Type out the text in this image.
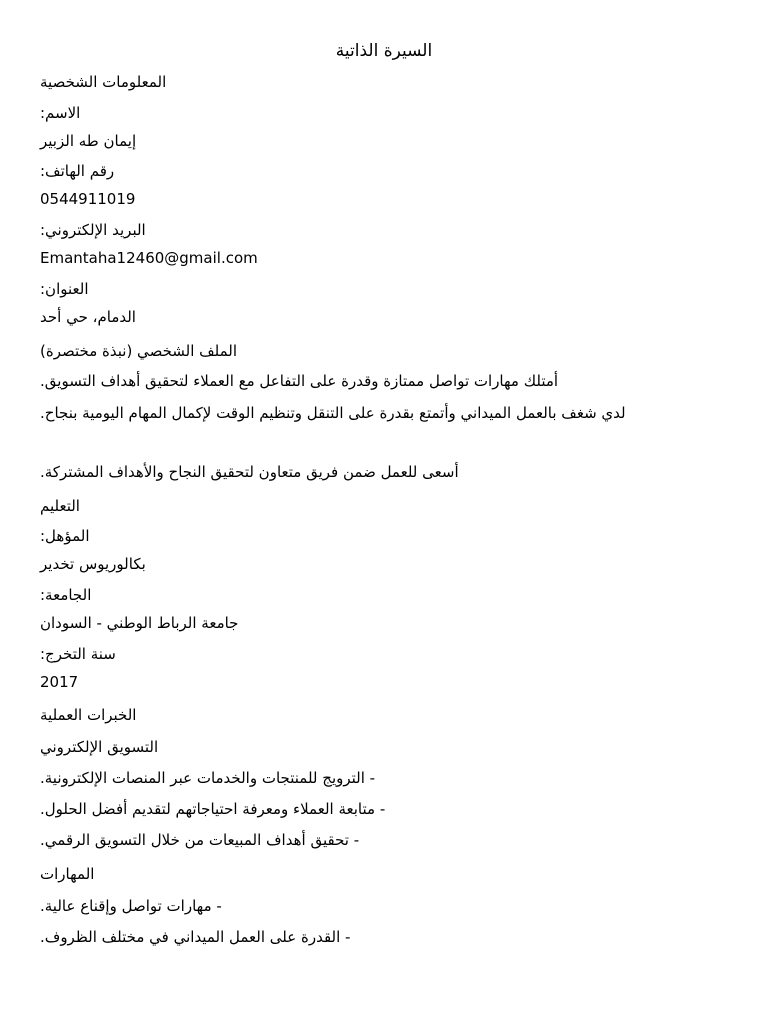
السيرة الذاتية
المعلومات الشخصية
الاسم:
إيمان طه الزبير
رقم الهاتف:
0544911019
البريد الإلكتروني:
Emantaha12460@gmail.com
العنوان:
الدمام، حي أحد
الملف الشخصي (نبذة مختصرة)
أمتلك مهارات تواصل ممتازة وقدرة على التفاعل مع العملاء لتحقيق أهداف التسويق.
لدي شغف بالعمل الميداني وأتمتع بقدرة على التنقل وتنظيم الوقت لإكمال المهام اليومية بنجاح.
أسعى للعمل ضمن فريق متعاون لتحقيق النجاح والأهداف المشتركة.
التعليم
المؤهل:
بكالوريوس تخدير
الجامعة:
جامعة الرباط الوطني - السودان
سنة التخرج:
2017
الخبرات العملية
التسويق الإلكتروني
- الترويج للمنتجات والخدمات عبر المنصات الإلكترونية.
- متابعة العملاء ومعرفة احتياجاتهم لتقديم أفضل الحلول.
- تحقيق أهداف المبيعات من خلال التسويق الرقمي.
المهارات
- مهارات تواصل وإقناع عالية.
- القدرة على العمل الميداني في مختلف الظروف.
